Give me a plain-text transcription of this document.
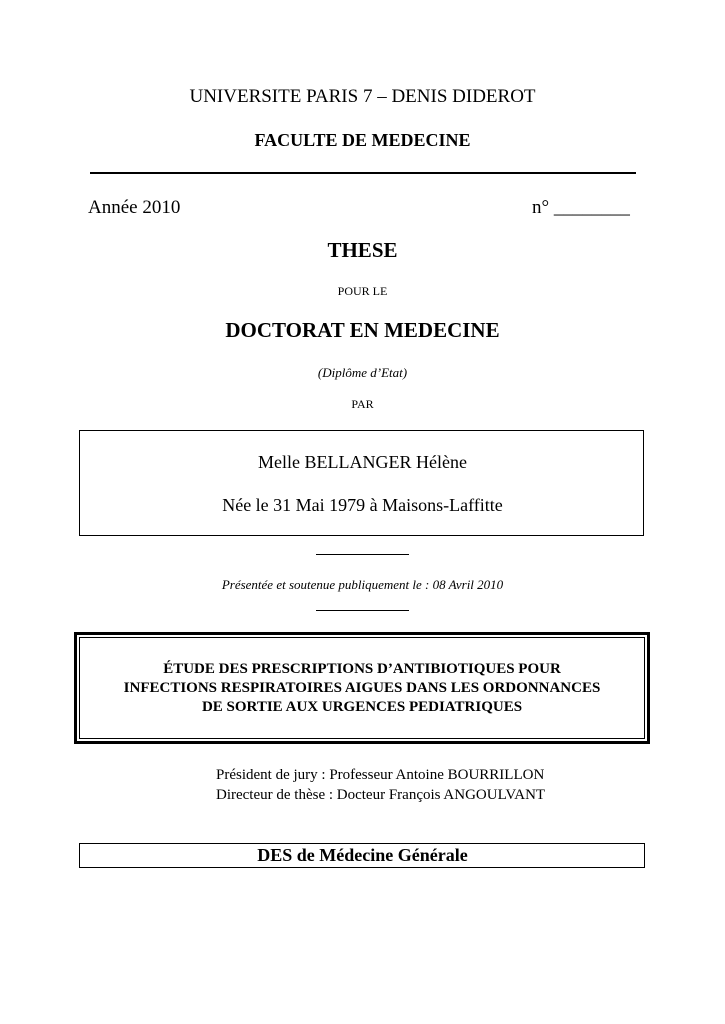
UNIVERSITE PARIS 7 – DENIS DIDEROT
FACULTE DE MEDECINE
Année 2010	n° ________
THESE
POUR LE
DOCTORAT EN MEDECINE
(Diplôme d’Etat)
PAR
Melle BELLANGER Hélène
Née le 31 Mai 1979 à Maisons-Laffitte
Présentée et soutenue publiquement le : 08 Avril 2010
ÉTUDE DES PRESCRIPTIONS D’ANTIBIOTIQUES POUR
INFECTIONS RESPIRATOIRES AIGUES DANS LES ORDONNANCES
DE SORTIE AUX URGENCES PEDIATRIQUES
Président de jury : Professeur Antoine BOURRILLON
Directeur de thèse : Docteur François ANGOULVANT
DES de Médecine Générale
